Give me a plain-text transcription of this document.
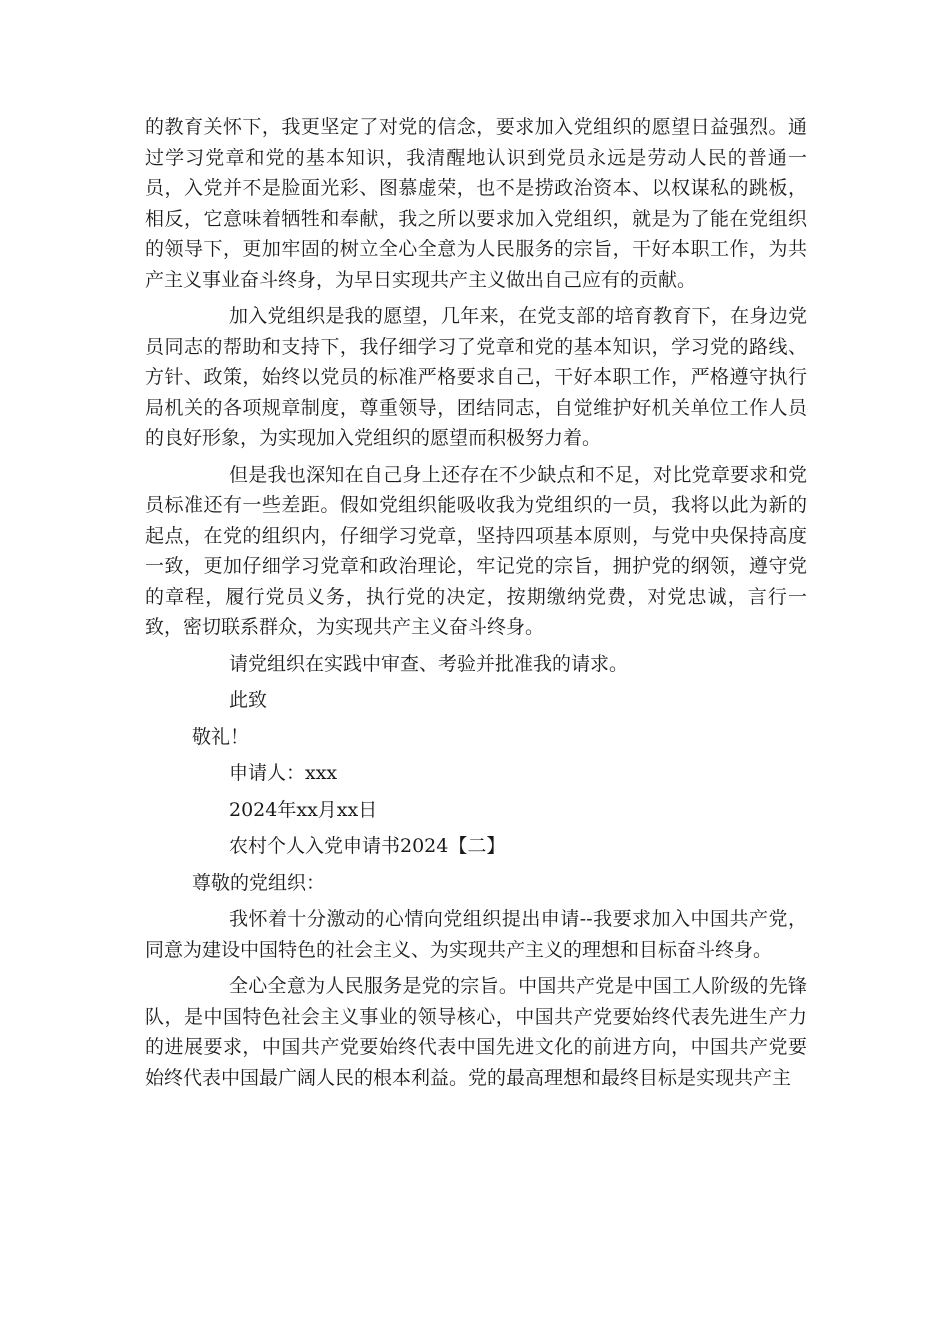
的教育关怀下，我更坚定了对党的信念，要求加入党组织的愿望日益强烈。通过学习党章和党的基本知识，我清醒地认识到党员永远是劳动人民的普通一员，入党并不是脸面光彩、图慕虚荣，也不是捞政治资本、以权谋私的跳板，相反，它意味着牺牲和奉献，我之所以要求加入党组织，就是为了能在党组织的领导下，更加牢固的树立全心全意为人民服务的宗旨，干好本职工作，为共产主义事业奋斗终身，为早日实现共产主义做出自己应有的贡献。

加入党组织是我的愿望，几年来，在党支部的培育教育下，在身边党员同志的帮助和支持下，我仔细学习了党章和党的基本知识，学习党的路线、方针、政策，始终以党员的标准严格要求自己，干好本职工作，严格遵守执行局机关的各项规章制度，尊重领导，团结同志，自觉维护好机关单位工作人员的良好形象，为实现加入党组织的愿望而积极努力着。

但是我也深知在自己身上还存在不少缺点和不足，对比党章要求和党员标准还有一些差距。假如党组织能吸收我为党组织的一员，我将以此为新的起点，在党的组织内，仔细学习党章，坚持四项基本原则，与党中央保持高度一致，更加仔细学习党章和政治理论，牢记党的宗旨，拥护党的纲领，遵守党的章程，履行党员义务，执行党的决定，按期缴纳党费，对党忠诚，言行一致，密切联系群众，为实现共产主义奋斗终身。

请党组织在实践中审查、考验并批准我的请求。

此致

敬礼！

申请人：xxx

2024年xx月xx日

农村个人入党申请书2024【二】

尊敬的党组织：

我怀着十分激动的心情向党组织提出申请--我要求加入中国共产党，同意为建设中国特色的社会主义、为实现共产主义的理想和目标奋斗终身。

全心全意为人民服务是党的宗旨。中国共产党是中国工人阶级的先锋队，是中国特色社会主义事业的领导核心，中国共产党要始终代表先进生产力的进展要求，中国共产党要始终代表中国先进文化的前进方向，中国共产党要始终代表中国最广阔人民的根本利益。党的最高理想和最终目标是实现共产主
